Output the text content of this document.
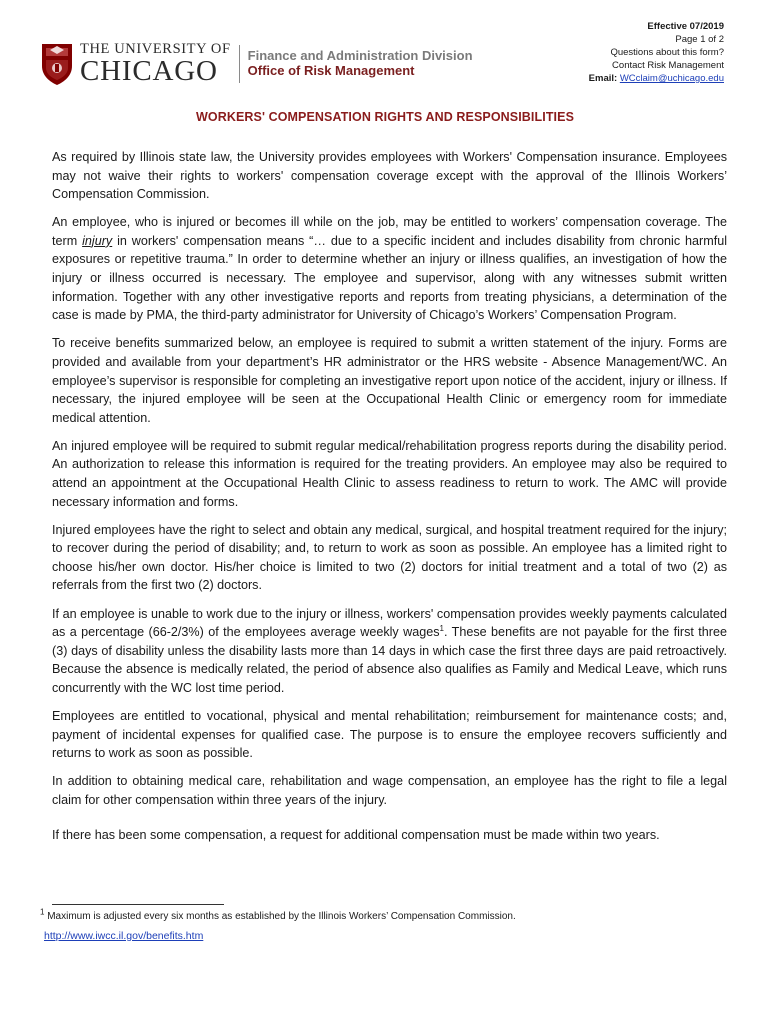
THE UNIVERSITY OF
CHICAGO	Finance and Administration Division
Office of Risk Management
Effective 07/2019
Page 1 of 2
Questions about this form?
Contact Risk Management
Email: WCclaim@uchicago.edu
WORKERS' COMPENSATION RIGHTS AND RESPONSIBILITIES

As required by Illinois state law, the University provides employees with Workers' Compensation insurance. Employees may not waive their rights to workers' compensation coverage except with the approval of the Illinois Workers’ Compensation Commission.

An employee, who is injured or becomes ill while on the job, may be entitled to workers’ compensation coverage. The term injury in workers' compensation means “… due to a specific incident and includes disability from chronic harmful exposures or repetitive trauma.” In order to determine whether an injury or illness qualifies, an investigation of how the injury or illness occurred is necessary. The employee and supervisor, along with any witnesses submit written information. Together with any other investigative reports and reports from treating physicians, a determination of the case is made by PMA, the third-party administrator for University of Chicago’s Workers’ Compensation Program.

To receive benefits summarized below, an employee is required to submit a written statement of the injury. Forms are provided and available from your department’s HR administrator or the HRS website - Absence Management/WC. An employee’s supervisor is responsible for completing an investigative report upon notice of the accident, injury or illness. If necessary, the injured employee will be seen at the Occupational Health Clinic or emergency room for immediate medical attention.

An injured employee will be required to submit regular medical/rehabilitation progress reports during the disability period. An authorization to release this information is required for the treating providers. An employee may also be required to attend an appointment at the Occupational Health Clinic to assess readiness to return to work. The AMC will provide necessary information and forms.

Injured employees have the right to select and obtain any medical, surgical, and hospital treatment required for the injury; to recover during the period of disability; and, to return to work as soon as possible. An employee has a limited right to choose his/her own doctor. His/her choice is limited to two (2) doctors for initial treatment and a total of two (2) as referrals from the first two (2) doctors.

If an employee is unable to work due to the injury or illness, workers' compensation provides weekly payments calculated as a percentage (66-2/3%) of the employees average weekly wages$^1$. These benefits are not payable for the first three (3) days of disability unless the disability lasts more than 14 days in which case the first three days are paid retroactively. Because the absence is medically related, the period of absence also qualifies as Family and Medical Leave, which runs concurrently with the WC lost time period.

Employees are entitled to vocational, physical and mental rehabilitation; reimbursement for maintenance costs; and, payment of incidental expenses for qualified case. The purpose is to ensure the employee recovers sufficiently and returns to work as soon as possible.

In addition to obtaining medical care, rehabilitation and wage compensation, an employee has the right to file a legal claim for other compensation within three years of the injury.

If there has been some compensation, a request for additional compensation must be made within two years.

$^1$ Maximum is adjusted every six months as established by the Illinois Workers’ Compensation Commission.
http://www.iwcc.il.gov/benefits.htm
